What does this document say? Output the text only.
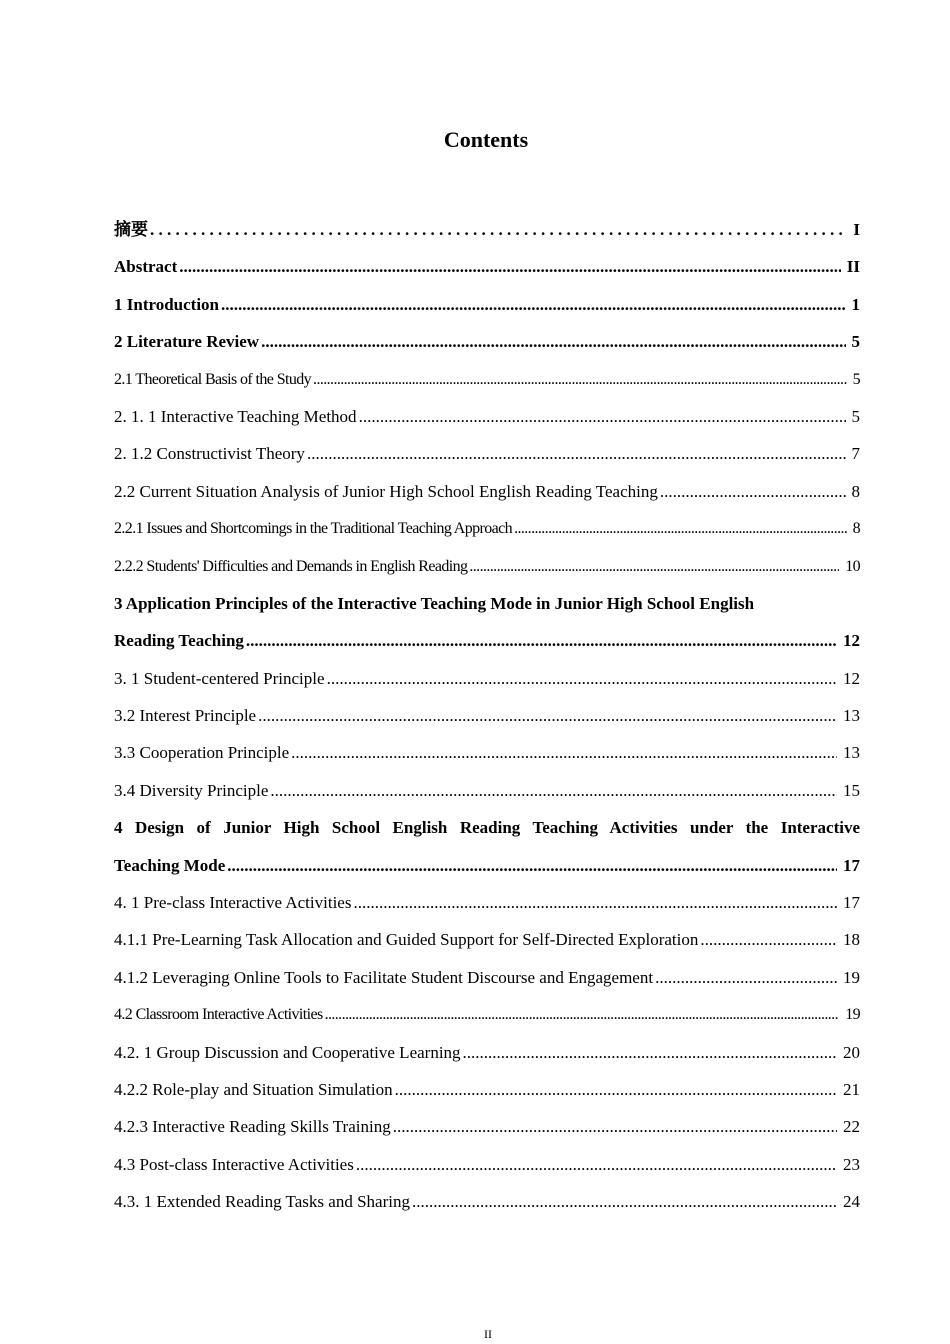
Contents
摘要 . . .	I
Abstract .....	II
1 Introduction .....	1
2 Literature Review .....	5
2.1 Theoretical Basis of the Study .....	5
2. 1. 1 Interactive Teaching Method .....	5
2. 1.2 Constructivist Theory .....	7
2.2 Current Situation Analysis of Junior High School English Reading Teaching .....	8
2.2.1 Issues and Shortcomings in the Traditional Teaching Approach .....	8
2.2.2 Students' Difficulties and Demands in English Reading .....	10
3 Application Principles of the Interactive Teaching Mode in Junior High School English
Reading Teaching .....	12
3. 1 Student-centered Principle .....	12
3.2 Interest Principle .....	13
3.3 Cooperation Principle .....	13
3.4 Diversity Principle .....	15
4 Design of Junior High School English Reading Teaching Activities under the Interactive
Teaching Mode .....	17
4. 1 Pre-class Interactive Activities .....	17
4.1.1 Pre-Learning Task Allocation and Guided Support for Self-Directed Exploration .....	18
4.1.2 Leveraging Online Tools to Facilitate Student Discourse and Engagement .....	19
4.2 Classroom Interactive Activities .....	19
4.2. 1 Group Discussion and Cooperative Learning .....	20
4.2.2 Role-play and Situation Simulation .....	21
4.2.3 Interactive Reading Skills Training .....	22
4.3 Post-class Interactive Activities .....	23
4.3. 1 Extended Reading Tasks and Sharing .....	24
II
